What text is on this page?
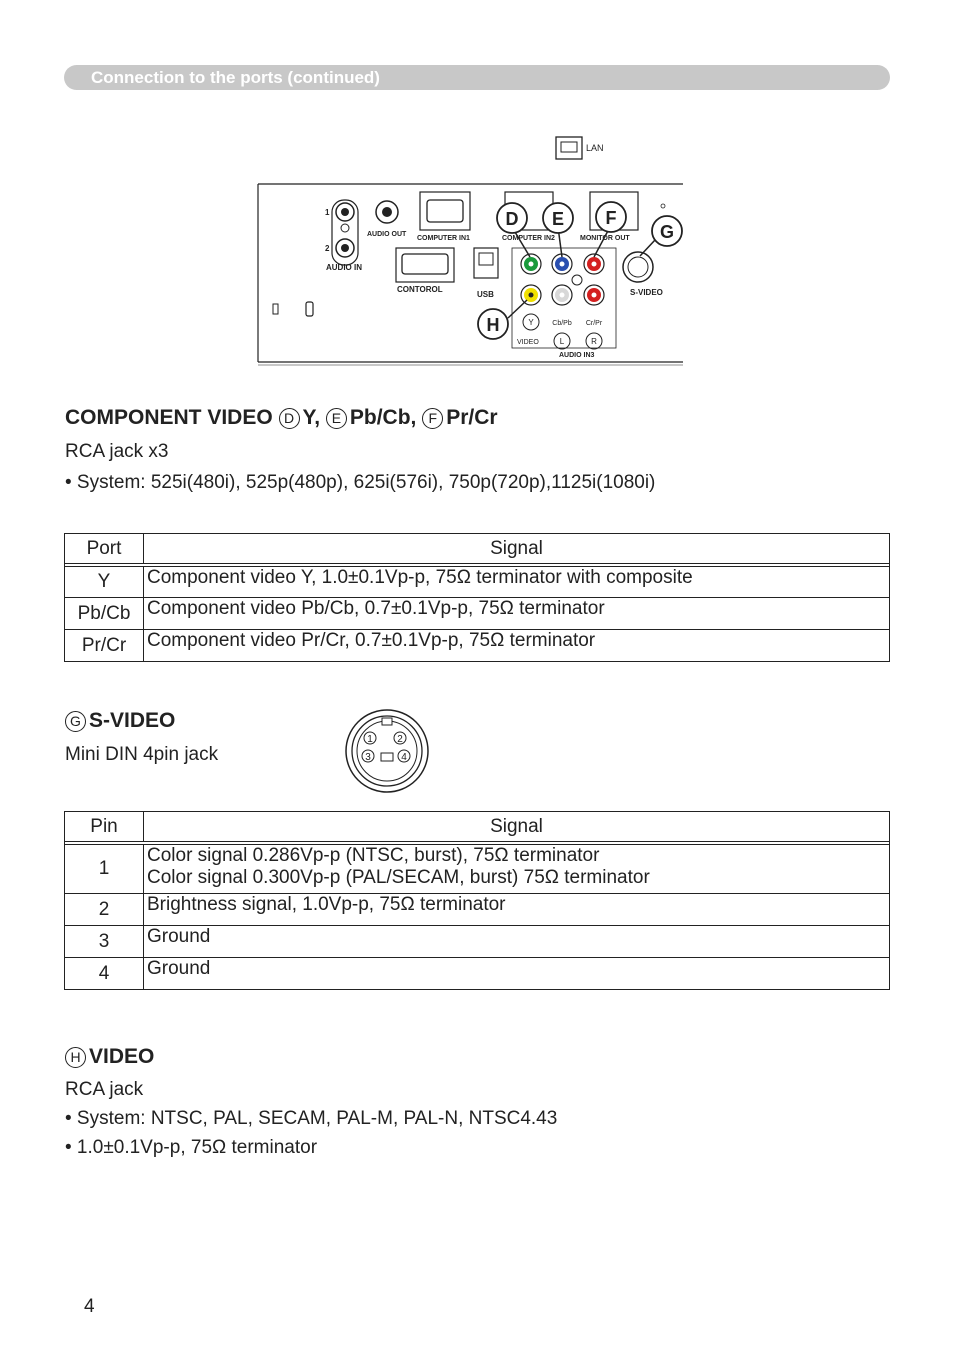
Connection to the ports (continued)
LAN
1
2
AUDIO IN
AUDIO OUT
COMPUTER IN1	COMPUTER IN2	MONITOR OUT
CONTOROL
USB
Y	Cb/Pb Cr/Pr
L	R
VIDEO
AUDIO IN3
S-VIDEO
D E F
G
H
COMPONENT VIDEO
D Y,
E Pb/Cb,
F Pr/Cr
RCA jack x3
• System: 525i(480i), 525p(480p), 625i(576i), 750p(720p),1125i(1080i)
Port	Signal

Y	Component video Y, 1.0±0.1Vp-p, 75Ω terminator with composite
Pb/Cb	Component video Pb/Cb, 0.7±0.1Vp-p, 75Ω terminator
Pr/Cr	Component video Pr/Cr, 0.7±0.1Vp-p, 75Ω terminator
G S-VIDEO
Mini DIN 4pin jack
1 2
3	4
Pin	Signal

1	Color signal 0.286Vp-p (NTSC, burst), 75Ω terminator
Color signal 0.300Vp-p (PAL/SECAM, burst) 75Ω terminator

2	Brightness signal, 1.0Vp-p, 75Ω terminator
3	Ground
4	Ground
H VIDEO
RCA jack
• System: NTSC, PAL, SECAM, PAL-M, PAL-N, NTSC4.43
• 1.0±0.1Vp-p, 75Ω terminator
4
